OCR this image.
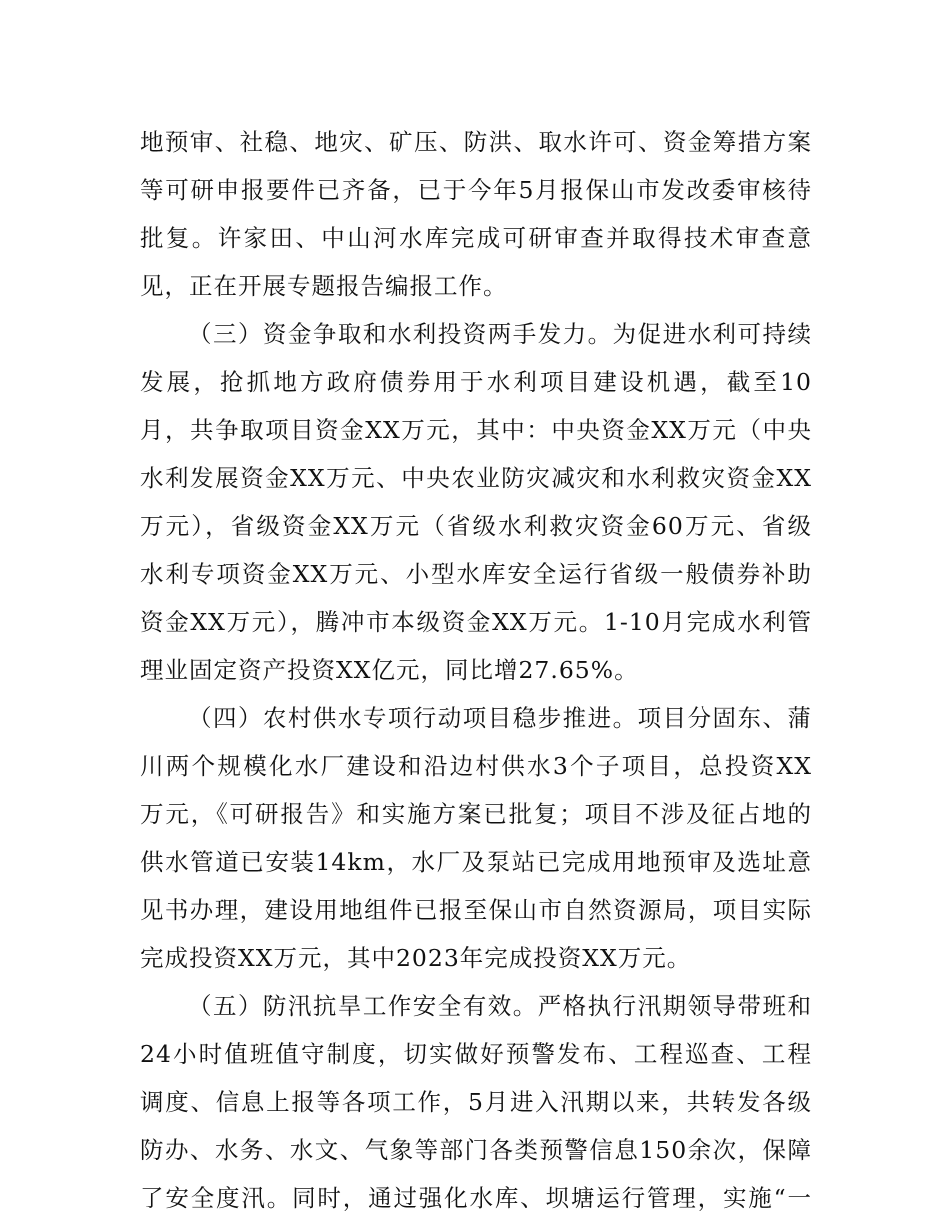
地预审、社稳、地灾、矿压、防洪、取水许可、资金筹措方案
等可研申报要件已齐备，已于今年5月报保山市发改委审核待
批复。许家田、中山河水库完成可研审查并取得技术审查意
见，正在开展专题报告编报工作。
（三）资金争取和水利投资两手发力。为促进水利可持续
发展，抢抓地方政府债券用于水利项目建设机遇，截至10
月，共争取项目资金XX万元，其中：中央资金XX万元（中央
水利发展资金XX万元、中央农业防灾减灾和水利救灾资金XX
万元），省级资金XX万元（省级水利救灾资金60万元、省级
水利专项资金XX万元、小型水库安全运行省级一般债券补助
资金XX万元），腾冲市本级资金XX万元。1-10月完成水利管
理业固定资产投资XX亿元，同比增27.65%。
（四）农村供水专项行动项目稳步推进。项目分固东、蒲
川两个规模化水厂建设和沿边村供水3个子项目，总投资XX
万元，《可研报告》和实施方案已批复；项目不涉及征占地的
供水管道已安装14km，水厂及泵站已完成用地预审及选址意
见书办理，建设用地组件已报至保山市自然资源局，项目实际
完成投资XX万元，其中2023年完成投资XX万元。
（五）防汛抗旱工作安全有效。严格执行汛期领导带班和
24小时值班值守制度，切实做好预警发布、工程巡查、工程
调度、信息上报等各项工作，5月进入汛期以来，共转发各级
防办、水务、水文、气象等部门各类预警信息150余次，保障
了安全度汛。同时，通过强化水库、坝塘运行管理，实施“一
